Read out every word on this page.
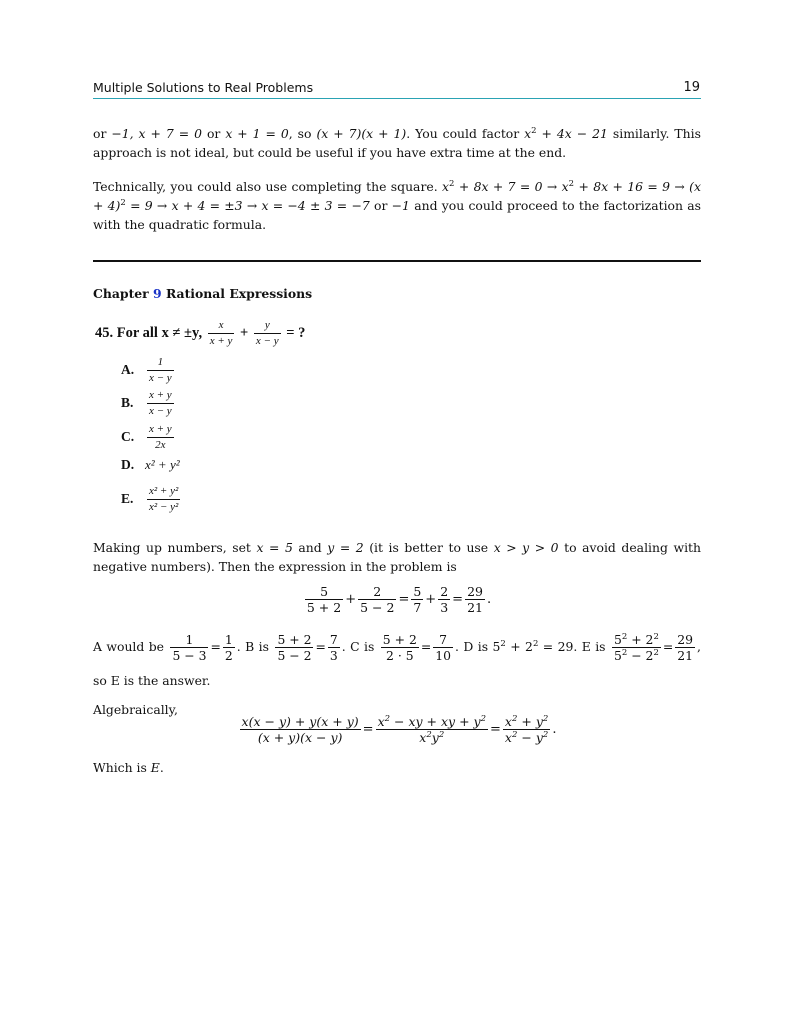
Multiple Solutions to Real Problems	19
or −1, x + 7 = 0 or x + 1 = 0, so (x + 7)(x + 1). You could factor $x^2 + 4x - 21$ similarly. This approach is not ideal, but could be useful if you have extra time at the end.
Technically, you could also use completing the square. $x^2 + 8x + 7 = 0 \to x^2 + 8x + 16 = 9 \to (x + 4)^2 = 9 \to x + 4 = \pm 3 \to x = -4 \pm 3 = -7$ or −1 and you could proceed to the factorization as with the quadratic formula.
Chapter 9 Rational Expressions
45. For all x ≠ ±y, $\frac{x}{x + y} + \frac{y}{x - y}$ = ?
A. $\frac{1}{x - y}$
B. $\frac{x + y}{x - y}$
C. $\frac{x + y}{2x}$
D. x² + y²
E. $\frac{\text{x² + y²}}{\text{x² − y²}}$
Making up numbers, set x = 5 and y = 2 (it is better to use x > y > 0 to avoid dealing with negative numbers). Then the expression in the problem is
$\frac{5}{5 + 2} + \frac{2}{5 - 2} = \frac{5}{7} + \frac{2}{3} = \frac{29}{21}$ .
A would be $\frac{1}{5 - 3} = \frac{1}{2}$ . B is $\frac{5 + 2}{5 - 2} = \frac{7}{3}$ . C is $\frac{5 + 2}{2 \cdot 5} = \frac{7}{10}$ . D is $5^2 + 2^2 = 29$. E is $\frac{5^2 + 2^2}{5^2 - 2^2} = \frac{29}{21}$ , so E is the answer.
Algebraically,
$\frac{x(x - y) + y(x + y)}{(x + y)(x - y)} = \frac{x^2 - xy + xy + y^2}{x^2y^2} = \frac{x^2 + y^2}{x^2 - y^2}$ .
Which is E.
